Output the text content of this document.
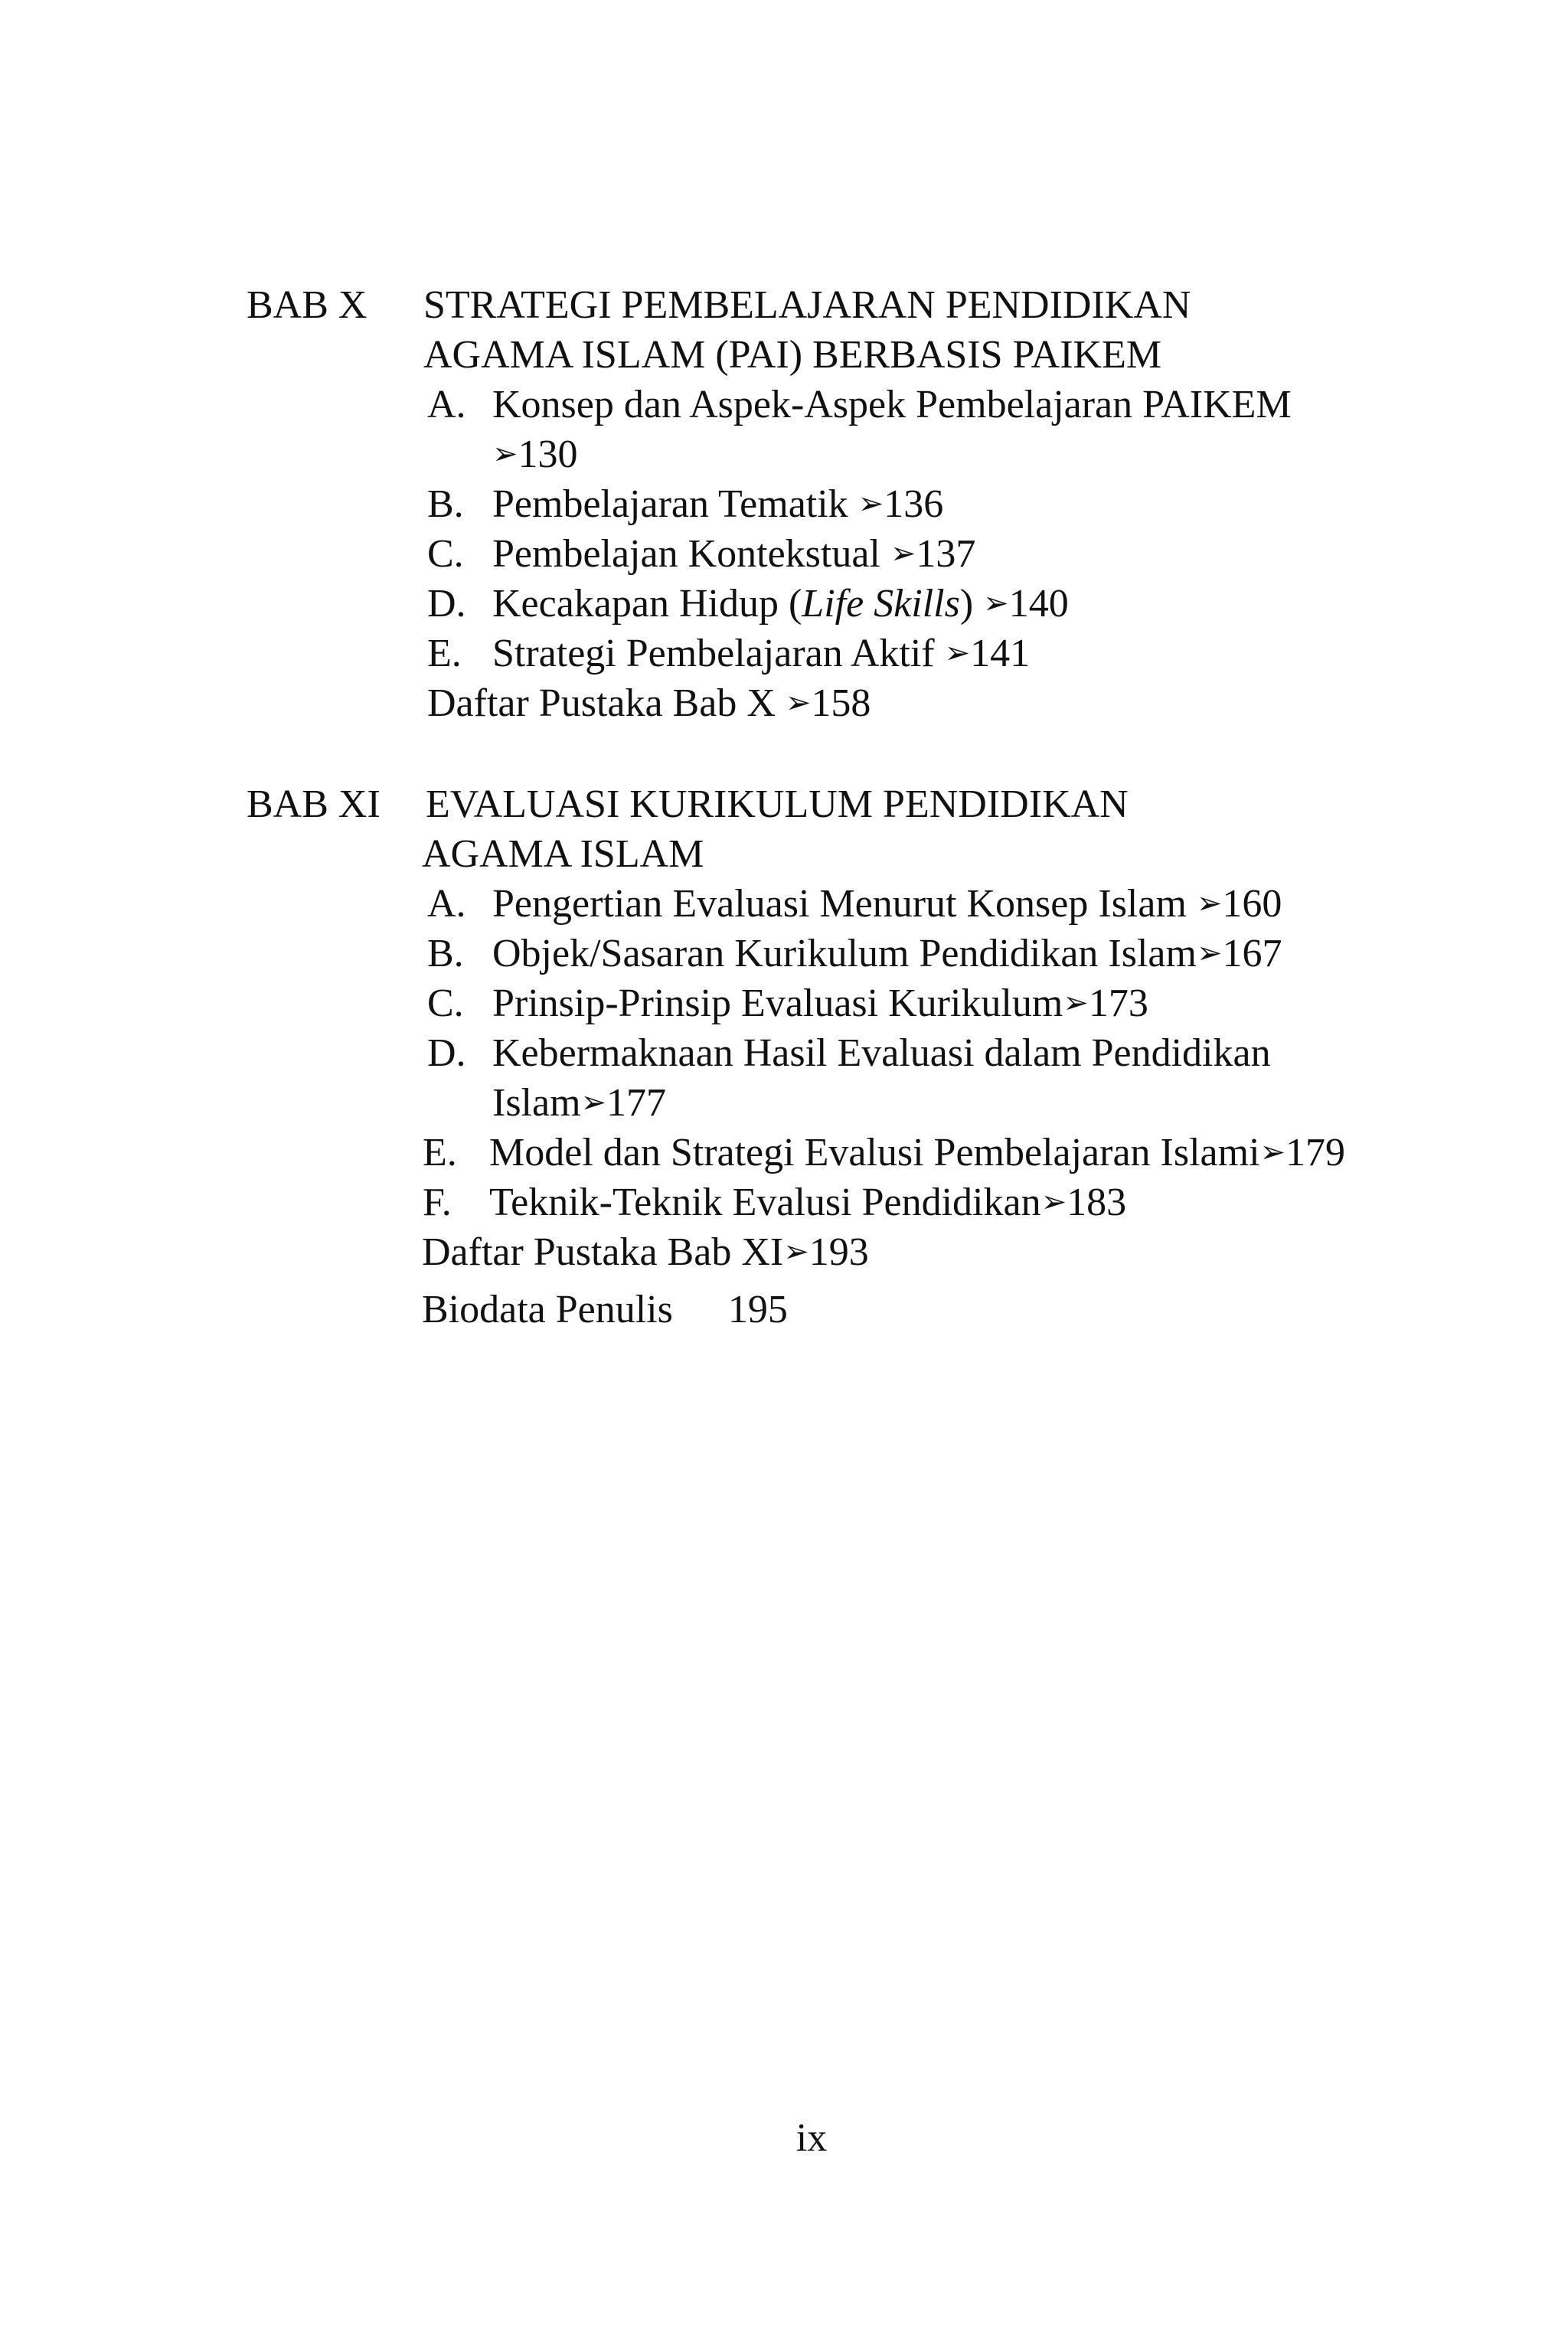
BAB X	STRATEGI PEMBELAJARAN PENDIDIKAN
AGAMA ISLAM (PAI) BERBASIS PAIKEM
A. Konsep dan Aspek-Aspek Pembelajaran PAIKEM
➢130
B. Pembelajaran Tematik ➢136
C. Pembelajan Kontekstual ➢137
D. Kecakapan Hidup (Life Skills) ➢140
E. Strategi Pembelajaran Aktif ➢141
Daftar Pustaka Bab X ➢158
BAB XI	EVALUASI KURIKULUM PENDIDIKAN
AGAMA ISLAM
A. Pengertian Evaluasi Menurut Konsep Islam ➢160
B. Objek/Sasaran Kurikulum Pendidikan Islam➢167
C. Prinsip-Prinsip Evaluasi Kurikulum➢173
D. Kebermaknaan Hasil Evaluasi dalam Pendidikan
Islam➢177
E. Model dan Strategi Evalusi Pembelajaran Islami➢179
F. Teknik-Teknik Evalusi Pendidikan➢183
Daftar Pustaka Bab XI➢193
Biodata Penulis 195
ix
